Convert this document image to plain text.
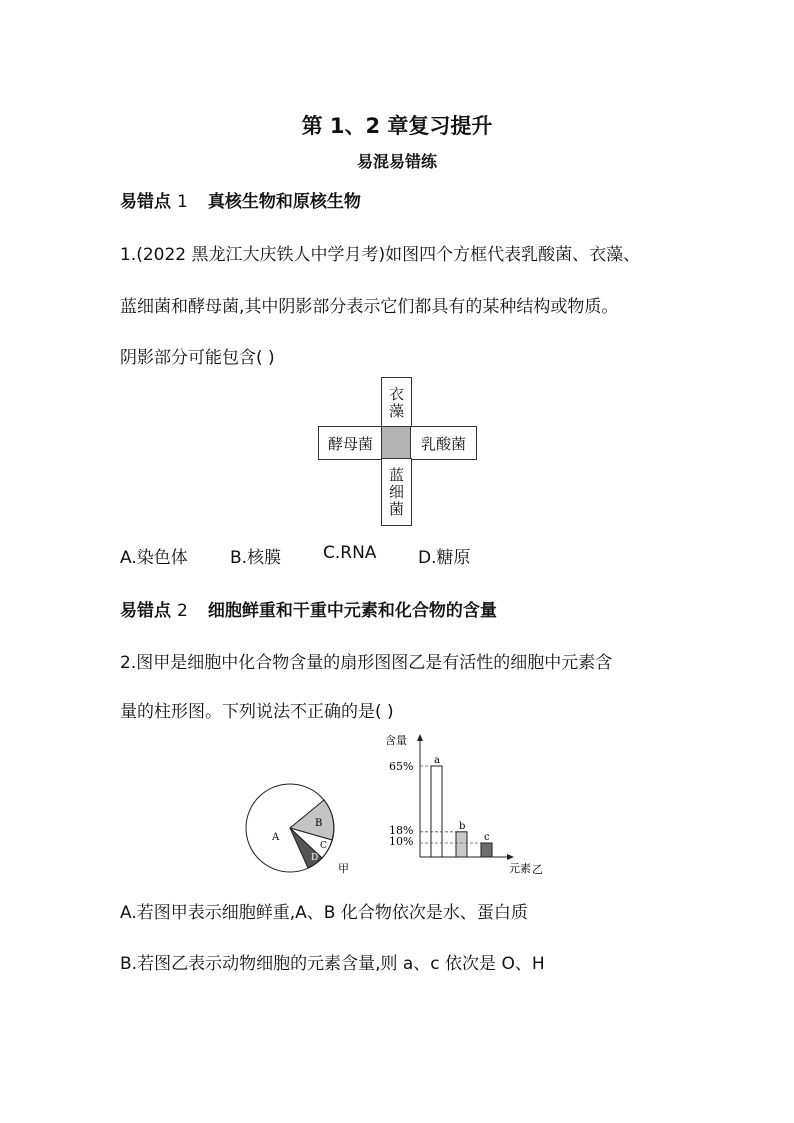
第 1、2 章复习提升
易混易错练
易错点 1 真核生物和原核生物
1.(2022 黑龙江大庆铁人中学月考)如图四个方框代表乳酸菌、衣藻、
蓝细菌和酵母菌,其中阴影部分表示它们都具有的某种结构或物质。
阴影部分可能包含( )
衣藻
酵母菌	乳酸菌
蓝细菌
A.染色体 B.核膜 C.RNA D.糖原
易错点 2 细胞鲜重和干重中元素和化合物的含量
2.图甲是细胞中化合物含量的扇形图图乙是有活性的细胞中元素含
量的柱形图。下列说法不正确的是( )
A
B
C
D
甲
含量
a
b
c
65%
18%
10%
元素 乙
A.若图甲表示细胞鲜重,A、B 化合物依次是水、蛋白质
B.若图乙表示动物细胞的元素含量,则 a、c 依次是 O、H
